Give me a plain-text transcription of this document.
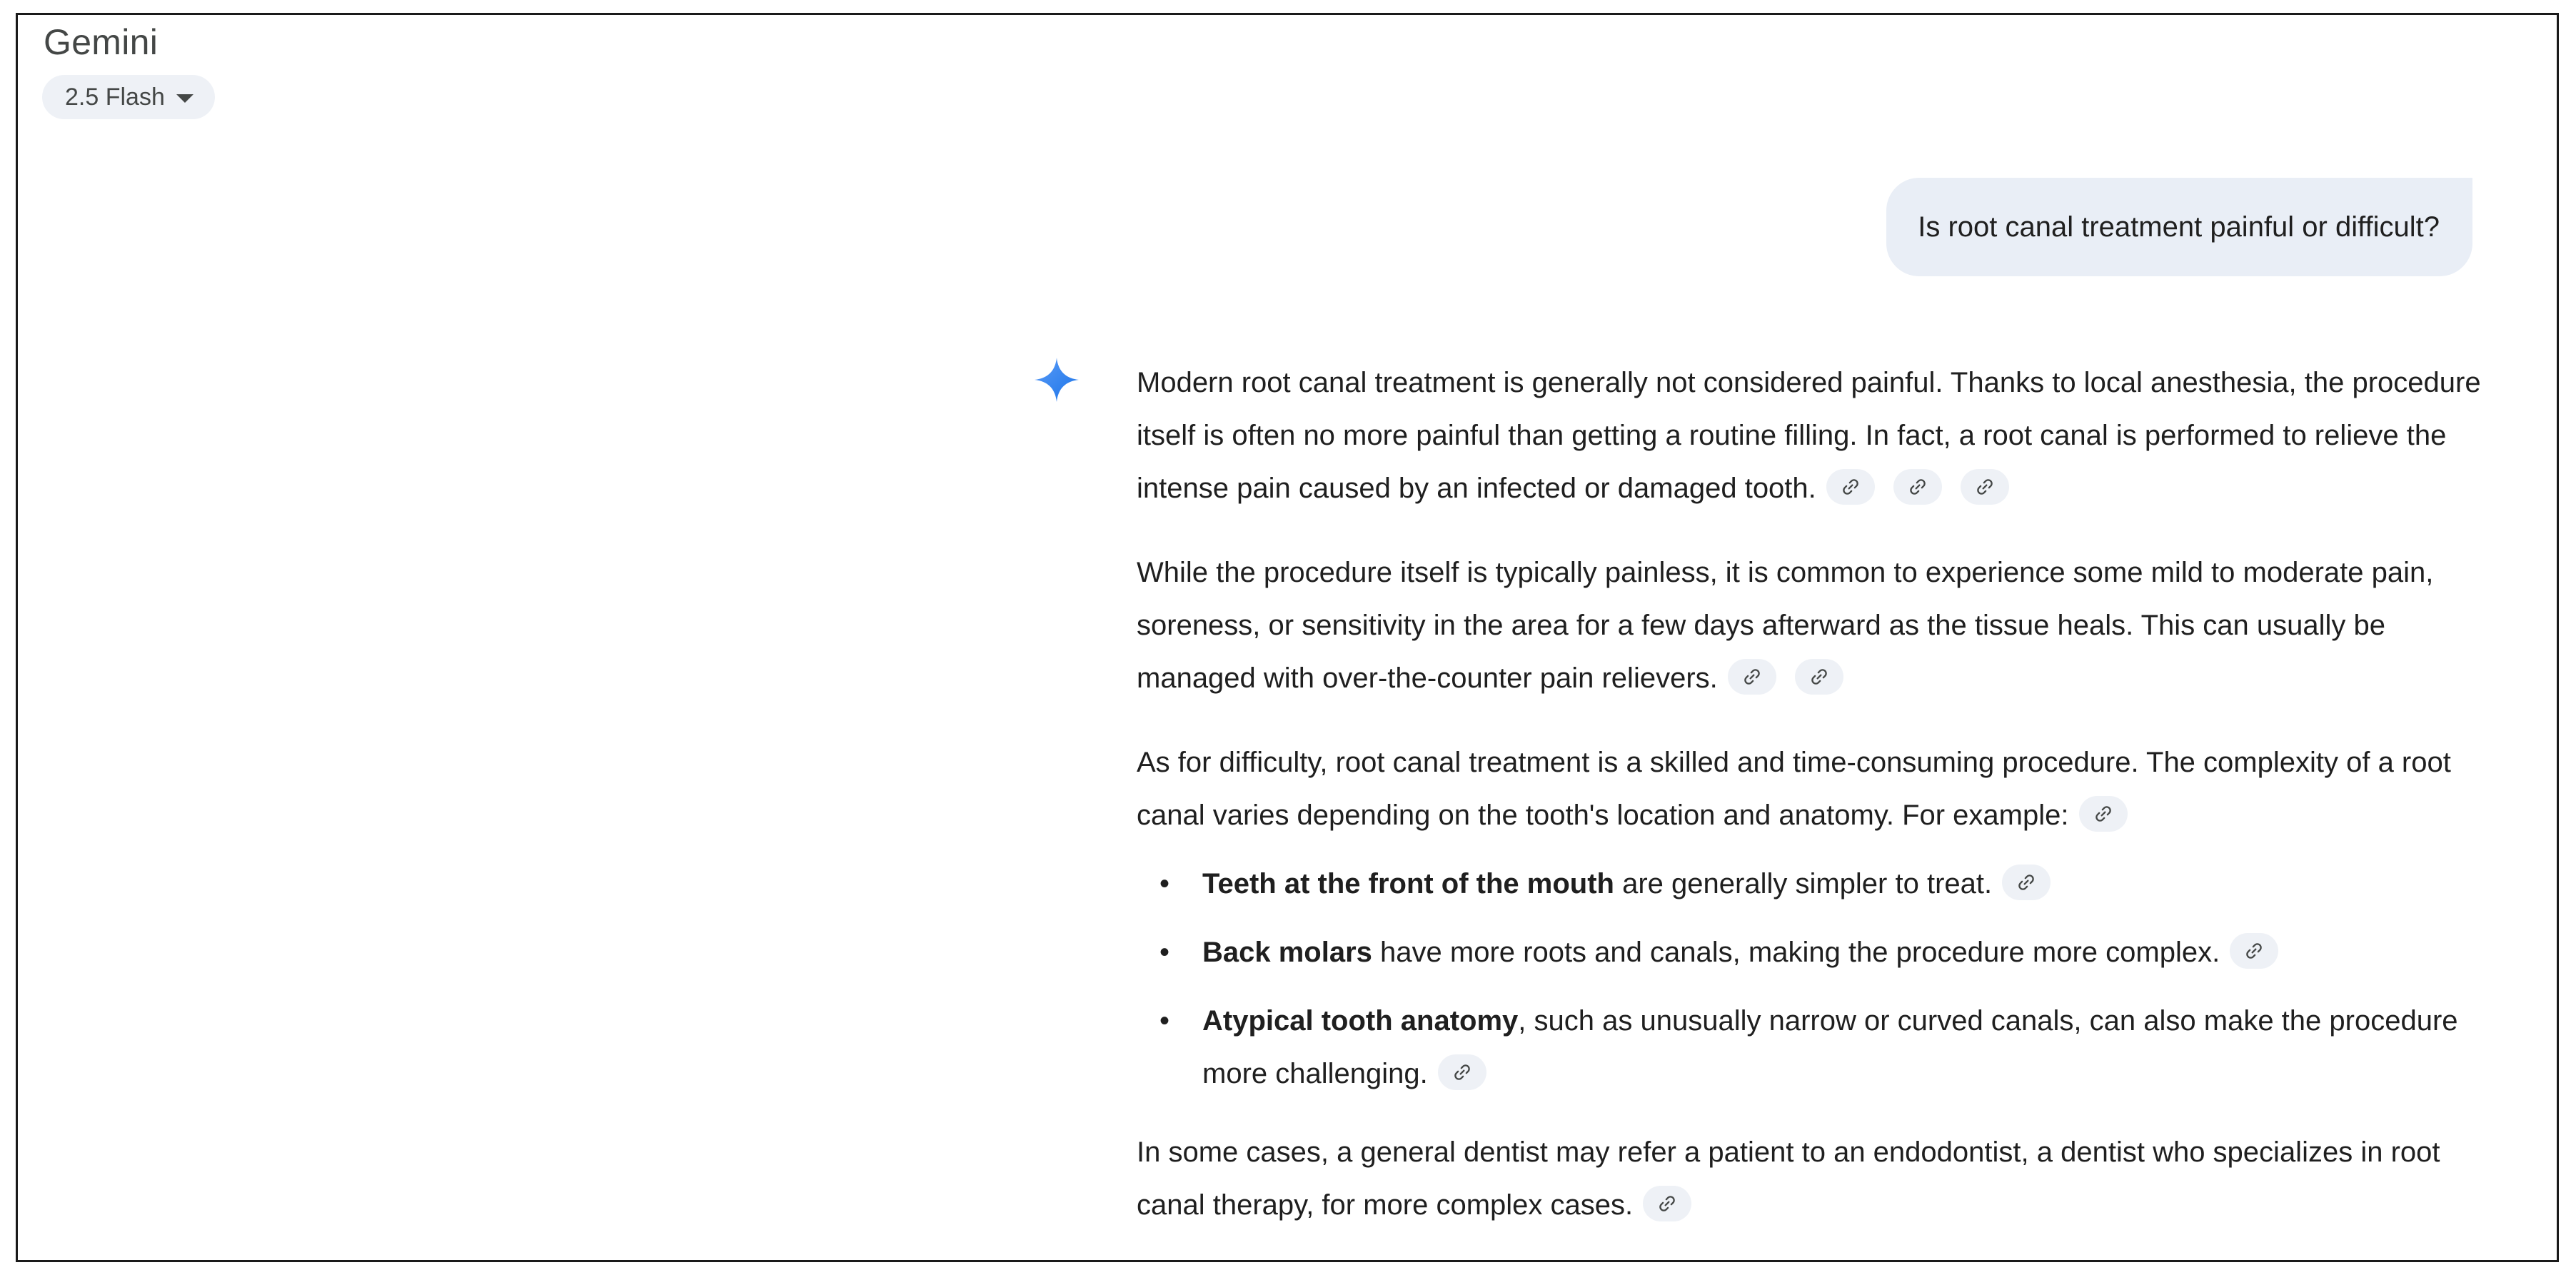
Gemini
2.5 Flash
Is root canal treatment painful or difficult?

Modern root canal treatment is generally not considered painful. Thanks to local anesthesia, the procedure itself is often no more painful than getting a routine filling. In fact, a root canal is performed to relieve the intense pain caused by an infected or damaged tooth.

While the procedure itself is typically painless, it is common to experience some mild to moderate pain, soreness, or sensitivity in the area for a few days afterward as the tissue heals. This can usually be managed with over-the-counter pain relievers.

As for difficulty, root canal treatment is a skilled and time-consuming procedure. The complexity of a root canal varies depending on the tooth's location and anatomy. For example:

• Teeth at the front of the mouth are generally simpler to treat.
• Back molars have more roots and canals, making the procedure more complex.
• Atypical tooth anatomy, such as unusually narrow or curved canals, can also make the procedure more challenging.

In some cases, a general dentist may refer a patient to an endodontist, a dentist who specializes in root canal therapy, for more complex cases.
